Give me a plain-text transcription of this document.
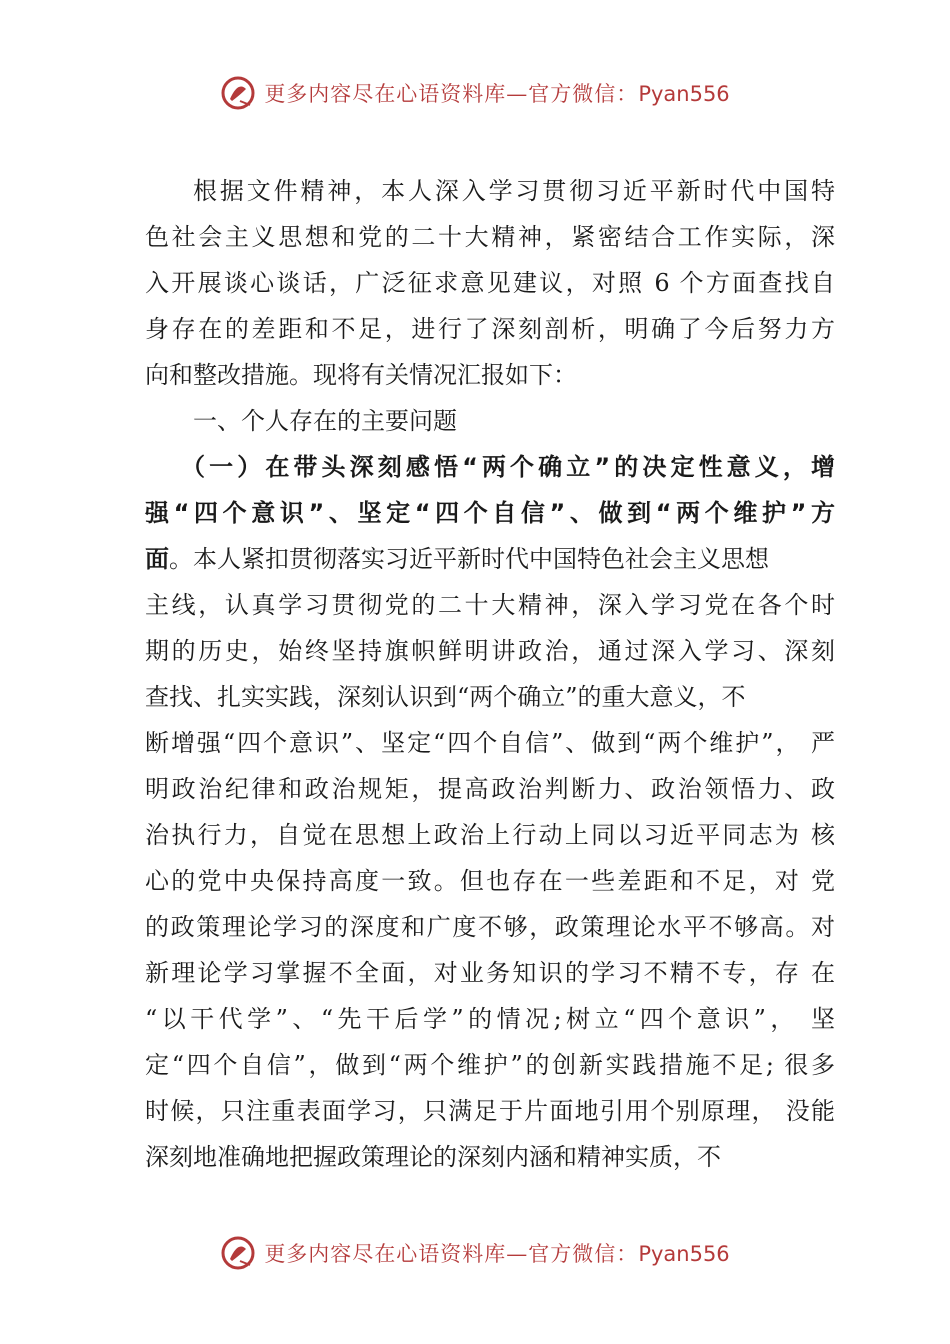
更多内容尽在心语资料库—官方微信：Pyan556
根据文件精神，本人深入学习贯彻习近平新时代中国特
色社会主义思想和党的二十大精神，紧密结合工作实际，深
入开展谈心谈话，广泛征求意见建议，对照 6 个方面查找自
身存在的差距和不足，进行了深刻剖析，明确了今后努力方
向和整改措施。现将有关情况汇报如下：
一、个人存在的主要问题
（一）在带头深刻感悟“两个确立”的决定性意义，增
强“四个意识”、坚定“四个自信”、做到“两个维护”方
面。本人紧扣贯彻落实习近平新时代中国特色社会主义思想
主线，认真学习贯彻党的二十大精神，深入学习党在各个时
期的历史，始终坚持旗帜鲜明讲政治，通过深入学习、深刻
查找、扎实实践，深刻认识到“两个确立”的重大意义，不
断增强“四个意识”、坚定“四个自信”、做到“两个维护”， 严
明政治纪律和政治规矩，提高政治判断力、政治领悟力、政
治执行力，自觉在思想上政治上行动上同以习近平同志为 核
心的党中央保持高度一致。但也存在一些差距和不足，对 党
的政策理论学习的深度和广度不够，政策理论水平不够高。对
新理论学习掌握不全面，对业务知识的学习不精不专，存 在
“以干代学”、“先干后学”的情况;树立“四个意识”， 坚
定“四个自信”，做到“两个维护”的创新实践措施不足; 很多
时候，只注重表面学习，只满足于片面地引用个别原理， 没能
深刻地准确地把握政策理论的深刻内涵和精神实质，不
更多内容尽在心语资料库—官方微信：Pyan556
